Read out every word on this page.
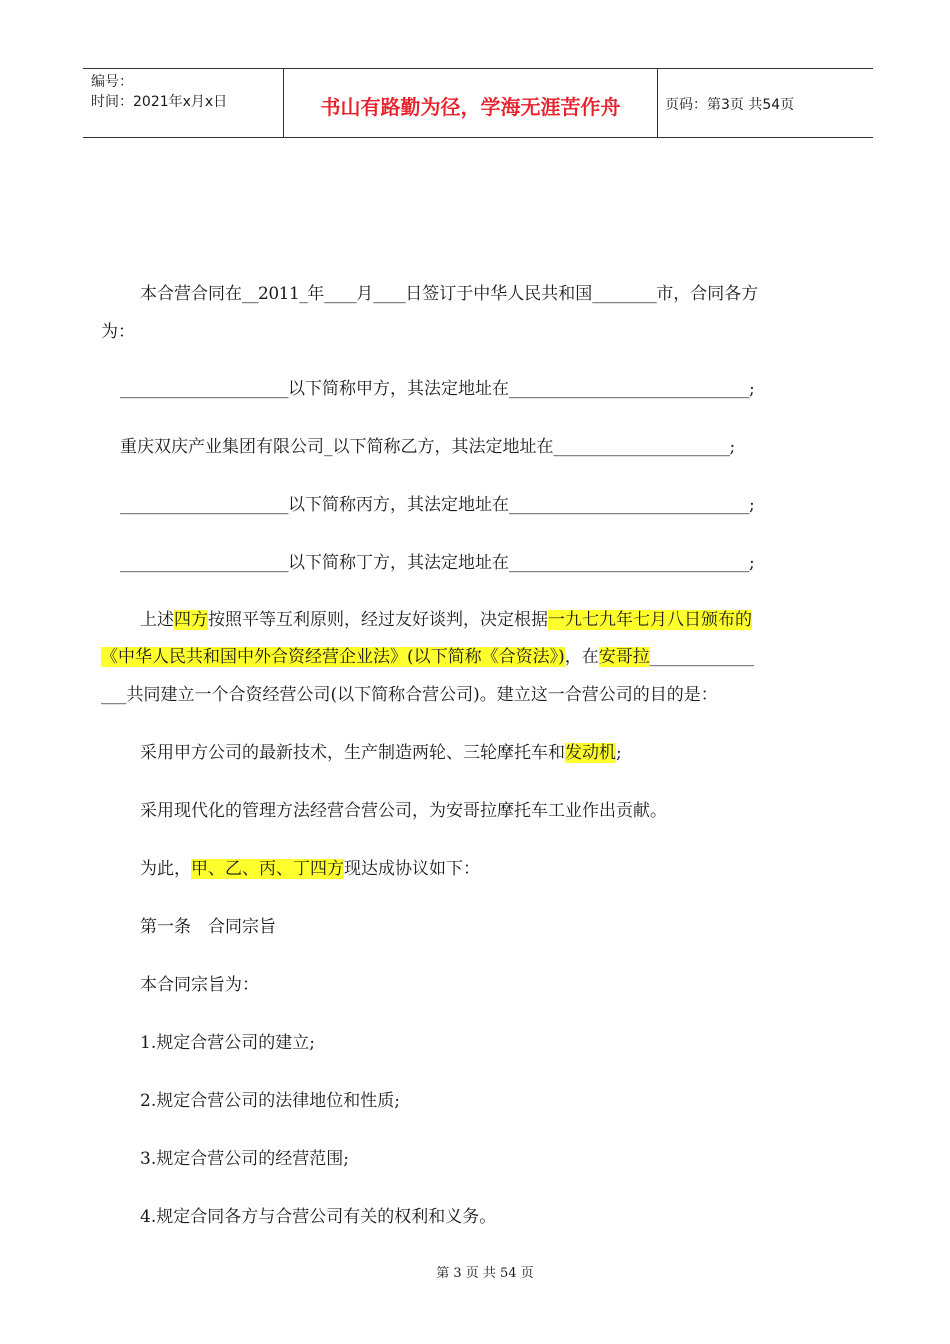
编号：
时间：2021年x月x日	书山有路勤为径，学海无涯苦作舟	页码：第3页 共54页
本合营合同在__2011_年____月____日签订于中华人民共和国________市，合同各方
为：
_____________________以下简称甲方，其法定地址在______________________________;
重庆双庆产业集团有限公司_以下简称乙方，其法定地址在______________________;
_____________________以下简称丙方，其法定地址在______________________________;
_____________________以下简称丁方，其法定地址在______________________________;
上述四方按照平等互利原则，经过友好谈判，决定根据一九七九年七月八日颁布的
《中华人民共和国中外合资经营企业法》(以下简称《合资法》)，在安哥拉_____________
___共同建立一个合资经营公司(以下简称合营公司)。建立这一合营公司的目的是：
采用甲方公司的最新技术，生产制造两轮、三轮摩托车和发动机;
采用现代化的管理方法经营合营公司，为安哥拉摩托车工业作出贡献。
为此，甲、乙、丙、丁四方现达成协议如下：
第一条　合同宗旨
本合同宗旨为：
1.规定合营公司的建立;
2.规定合营公司的法律地位和性质;
3.规定合营公司的经营范围;
4.规定合同各方与合营公司有关的权利和义务。
第 3 页 共 54 页
